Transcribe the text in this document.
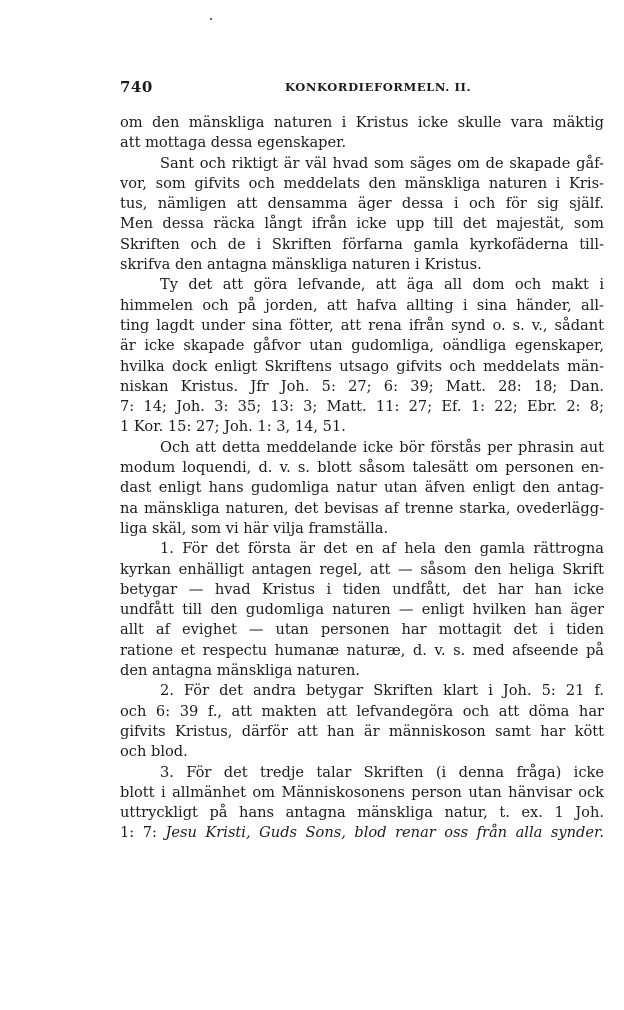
740	KONKORDIEFORMELN. II.
om den mänskliga naturen i Kristus icke skulle vara mäktig
att mottaga dessa egenskaper.
Sant och riktigt är väl hvad som säges om de skapade gåf-
vor, som gifvits och meddelats den mänskliga naturen i Kris-
tus, nämligen att densamma äger dessa i och för sig själf.
Men dessa räcka långt ifrån icke upp till det majestät, som
Skriften och de i Skriften förfarna gamla kyrkofäderna till-
skrifva den antagna mänskliga naturen i Kristus.
Ty det att göra lefvande, att äga all dom och makt i
himmelen och på jorden, att hafva allting i sina händer, all-
ting lagdt under sina fötter, att rena ifrån synd o. s. v., sådant
är icke skapade gåfvor utan gudomliga, oändliga egenskaper,
hvilka dock enligt Skriftens utsago gifvits och meddelats män-
niskan Kristus. Jfr Joh. 5: 27; 6: 39; Matt. 28: 18; Dan.
7: 14; Joh. 3: 35; 13: 3; Matt. 11: 27; Ef. 1: 22; Ebr. 2: 8;
1 Kor. 15: 27; Joh. 1: 3, 14, 51.
Och att detta meddelande icke bör förstås per phrasin aut
modum loquendi, d. v. s. blott såsom talesätt om personen en-
dast enligt hans gudomliga natur utan äfven enligt den antag-
na mänskliga naturen, det bevisas af trenne starka, ovederlägg-
liga skäl, som vi här vilja framställa.
1. För det första är det en af hela den gamla rättrogna
kyrkan enhälligt antagen regel, att — såsom den heliga Skrift
betygar — hvad Kristus i tiden undfått, det har han icke
undfått till den gudomliga naturen — enligt hvilken han äger
allt af evighet — utan personen har mottagit det i tiden
ratione et respectu humanæ naturæ, d. v. s. med afseende på
den antagna mänskliga naturen.
2. För det andra betygar Skriften klart i Joh. 5: 21 f.
och 6: 39 f., att makten att lefvandegöra och att döma har
gifvits Kristus, därför att han är människoson samt har kött
och blod.
3. För det tredje talar Skriften (i denna fråga) icke
blott i allmänhet om Människosonens person utan hänvisar ock
uttryckligt på hans antagna mänskliga natur, t. ex. 1 Joh.
1: 7: Jesu Kristi, Guds Sons, blod renar oss från alla synder.
